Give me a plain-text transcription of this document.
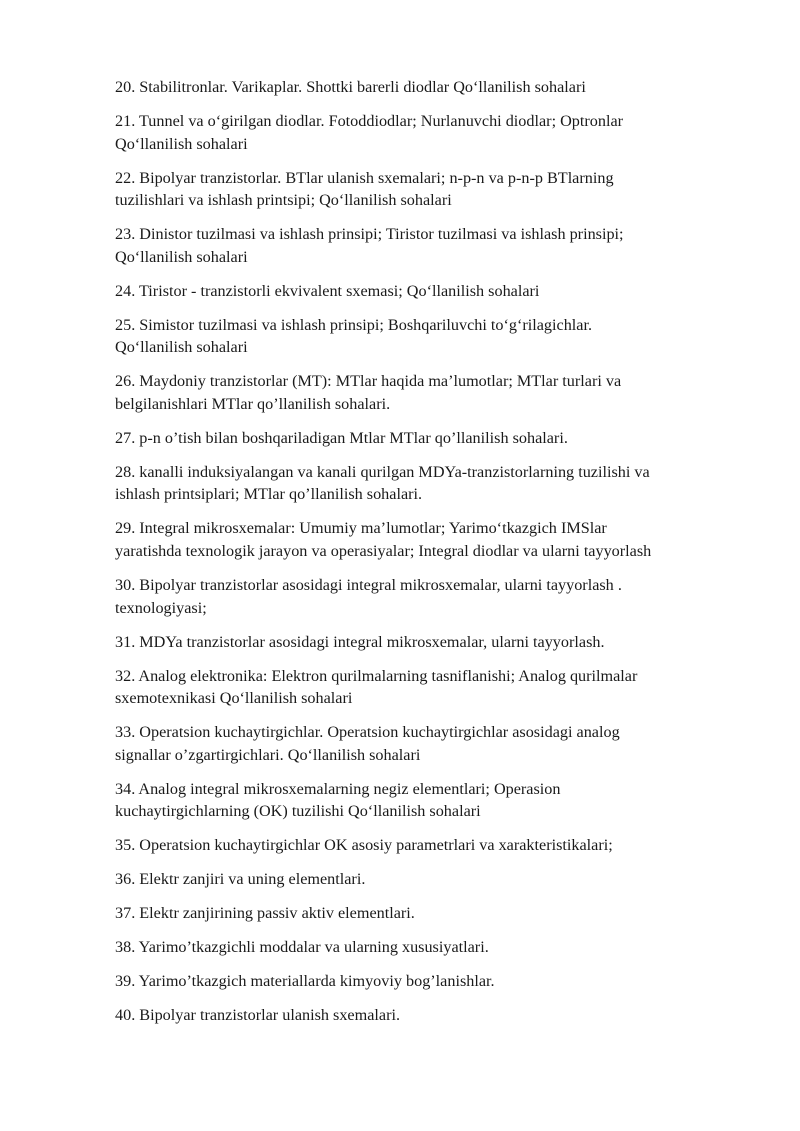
20. Stabilitronlar. Varikaplar. Shottki barerli diodlar Qo‘llanilish sohalari
21. Tunnel va o‘girilgan diodlar. Fotoddiodlar; Nurlanuvchi diodlar; Optronlar
Qo‘llanilish sohalari
22. Bipolyar tranzistorlar. BTlar ulanish sxemalari; n-p-n va p-n-p BTlarning
tuzilishlari va ishlash printsipi; Qo‘llanilish sohalari
23. Dinistor tuzilmasi va ishlash prinsipi; Tiristor tuzilmasi va ishlash prinsipi;
Qo‘llanilish sohalari
24. Tiristor - tranzistorli ekvivalent sxemasi; Qo‘llanilish sohalari
25. Simistor tuzilmasi va ishlash prinsipi; Boshqariluvchi to‘g‘rilagichlar.
Qo‘llanilish sohalari
26. Maydoniy tranzistorlar (MT): MTlar haqida ma’lumotlar; MTlar turlari va
belgilanishlari MTlar qo’llanilish sohalari.
27. p-n o’tish bilan boshqariladigan Mtlar MTlar qo’llanilish sohalari.
28. kanalli induksiyalangan va kanali qurilgan MDYa-tranzistorlarning tuzilishi va
ishlash printsiplari; MTlar qo’llanilish sohalari.
29. Integral mikrosxemalar: Umumiy ma’lumotlar; Yarimo‘tkazgich IMSlar
yaratishda texnologik jarayon va operasiyalar; Integral diodlar va ularni tayyorlash
30. Bipolyar tranzistorlar asosidagi integral mikrosxemalar, ularni tayyorlash .
texnologiyasi;
31. MDYa tranzistorlar asosidagi integral mikrosxemalar, ularni tayyorlash.
32. Analog elektronika: Elektron qurilmalarning tasniflanishi; Analog qurilmalar
sxemotexnikasi Qo‘llanilish sohalari
33. Operatsion kuchaytirgichlar. Operatsion kuchaytirgichlar asosidagi analog
signallar o’zgartirgichlari. Qo‘llanilish sohalari
34. Analog integral mikrosxemalarning negiz elementlari; Operasion
kuchaytirgichlarning (OK) tuzilishi Qo‘llanilish sohalari
35. Operatsion kuchaytirgichlar OK asosiy parametrlari va xarakteristikalari;
36. Elektr zanjiri va uning elementlari.
37. Elektr zanjirining passiv aktiv elementlari.
38. Yarimo’tkazgichli moddalar va ularning xususiyatlari.
39. Yarimo’tkazgich materiallarda kimyoviy bog’lanishlar.
40. Bipolyar tranzistorlar ulanish sxemalari.
